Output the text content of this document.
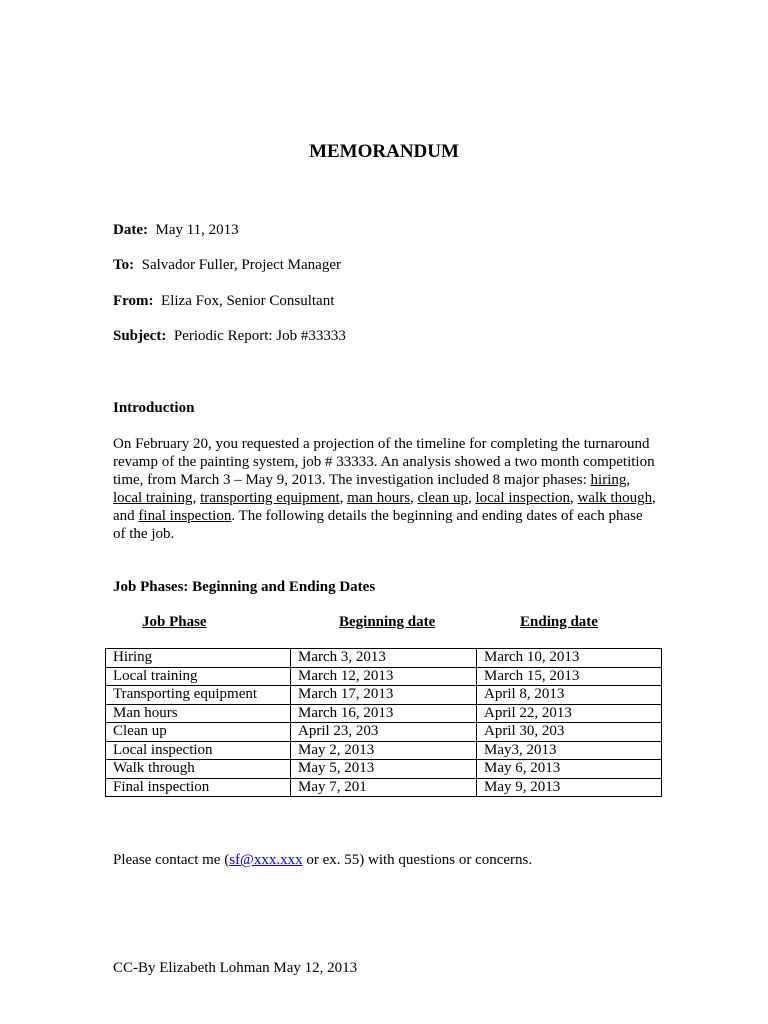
MEMORANDUM
Date: May 11, 2013
To: Salvador Fuller, Project Manager
From: Eliza Fox, Senior Consultant
Subject: Periodic Report: Job #33333
Introduction

On February 20, you requested a projection of the timeline for completing the turnaround revamp of the painting system, job # 33333. An analysis showed a two month competition time, from March 3 – May 9, 2013. The investigation included 8 major phases: hiring, local training, transporting equipment, man hours, clean up, local inspection, walk though, and final inspection. The following details the beginning and ending dates of each phase of the job.

Job Phases: Beginning and Ending Dates
Job Phase	Beginning date	Ending date
Hiring	March 3, 2013	March 10, 2013
Local training	March 12, 2013	March 15, 2013
Transporting equipment	March 17, 2013	April 8, 2013
Man hours	March 16, 2013	April 22, 2013
Clean up	April 23, 203	April 30, 203
Local inspection	May 2, 2013	May3, 2013
Walk through	May 5, 2013	May 6, 2013
Final inspection	May 7, 201	May 9, 2013
Please contact me (sf@xxx.xxx or ex. 55) with questions or concerns.
CC-By Elizabeth Lohman May 12, 2013
